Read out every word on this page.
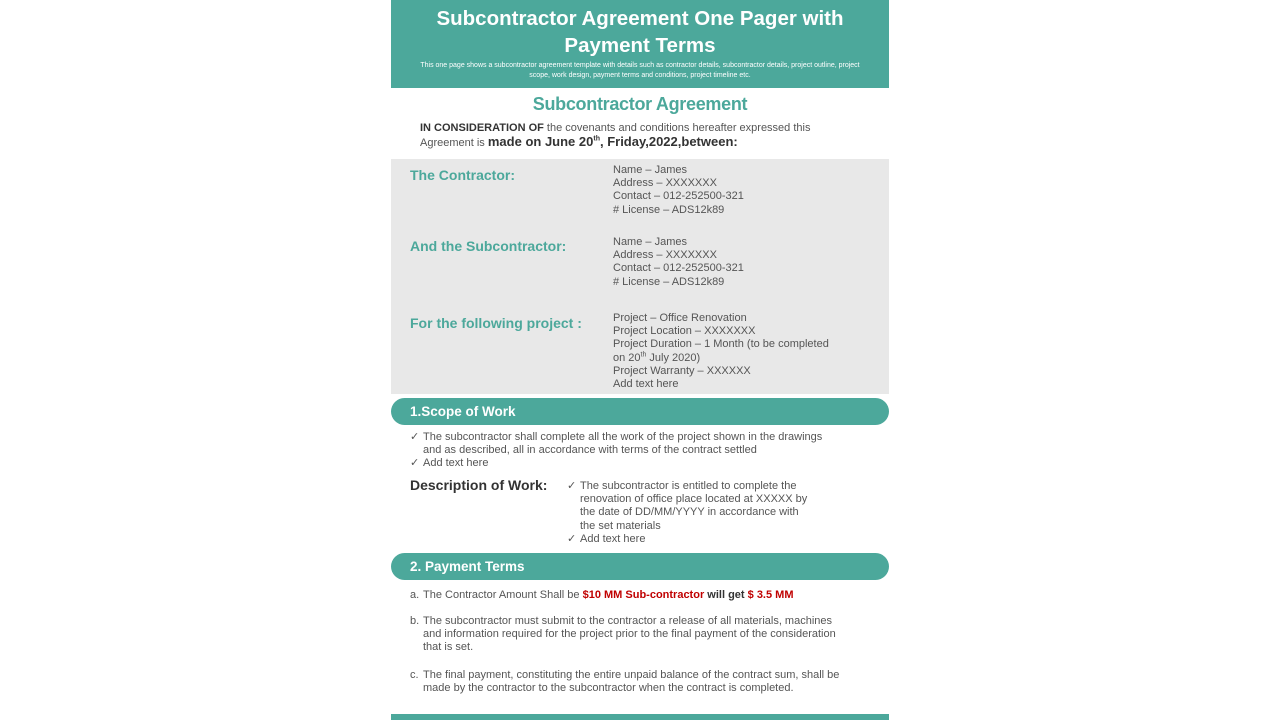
Subcontractor Agreement One Pager with Payment Terms
This one page shows a subcontractor agreement template with details such as contractor details, subcontractor details, project outline, project scope, work design, payment terms and conditions, project timeline etc.
Subcontractor Agreement
IN CONSIDERATION OF the covenants and conditions hereafter expressed this Agreement is made on June 20th, Friday,2022,between:
The Contractor:	Name – James
Address – XXXXXXX
Contact – 012-252500-321
# License – ADS12k89
And the Subcontractor:	Name – James
Address – XXXXXXX
Contact – 012-252500-321
# License – ADS12k89
For the following project :	Project – Office Renovation
Project Location – XXXXXXX
Project Duration – 1 Month (to be completed
on 20th July 2020)
Project Warranty – XXXXXX
Add text here
1.Scope of Work
✓ The subcontractor shall complete all the work of the project shown in the drawings and as described, all in accordance with terms of the contract settled
✓ Add text here
Description of Work: ✓ The subcontractor is entitled to complete the renovation of office place located at XXXXX by the date of DD/MM/YYYY in accordance with the set materials
✓ Add text here
2. Payment Terms
a. The Contractor Amount Shall be $10 MM Sub-contractor will get $ 3.5 MM
b. The subcontractor must submit to the contractor a release of all materials, machines and information required for the project prior to the final payment of the consideration that is set.
c. The final payment, constituting the entire unpaid balance of the contract sum, shall be made by the contractor to the subcontractor when the contract is completed.
